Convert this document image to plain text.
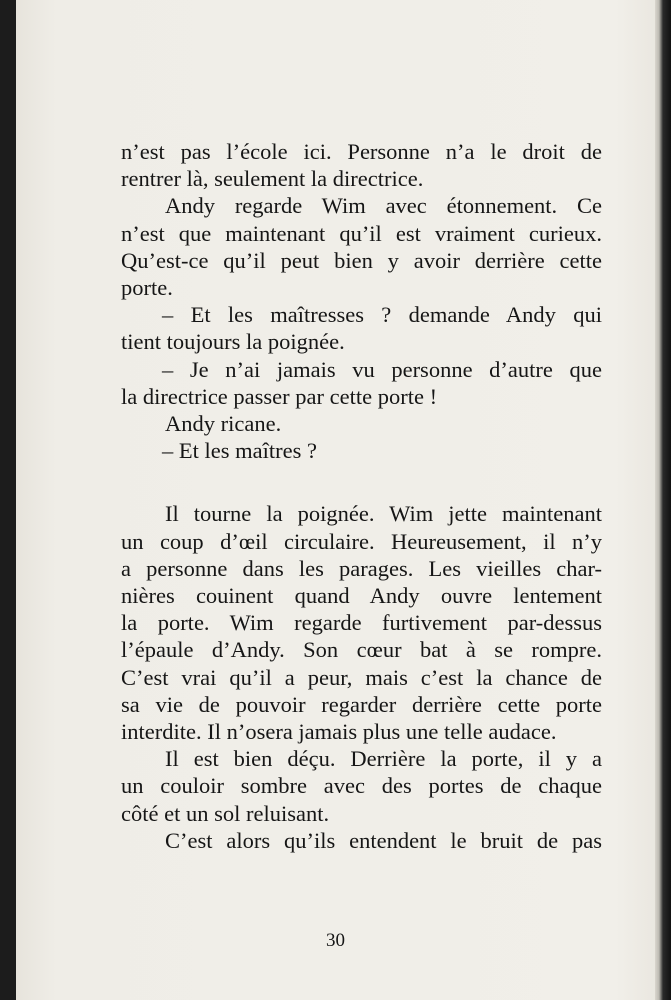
n’est pas l’école ici. Personne n’a le droit de
rentrer là, seulement la directrice.
Andy regarde Wim avec étonnement. Ce
n’est que maintenant qu’il est vraiment curieux.
Qu’est-ce qu’il peut bien y avoir derrière cette
porte.
– Et les maîtresses ? demande Andy qui
tient toujours la poignée.
– Je n’ai jamais vu personne d’autre que
la directrice passer par cette porte !
Andy ricane.
– Et les maîtres ?
Il tourne la poignée. Wim jette maintenant
un coup d’œil circulaire. Heureusement, il n’y
a personne dans les parages. Les vieilles char-
nières couinent quand Andy ouvre lentement
la porte. Wim regarde furtivement par-dessus
l’épaule d’Andy. Son cœur bat à se rompre.
C’est vrai qu’il a peur, mais c’est la chance de
sa vie de pouvoir regarder derrière cette porte
interdite. Il n’osera jamais plus une telle audace.
Il est bien déçu. Derrière la porte, il y a
un couloir sombre avec des portes de chaque
côté et un sol reluisant.
C’est alors qu’ils entendent le bruit de pas
30
